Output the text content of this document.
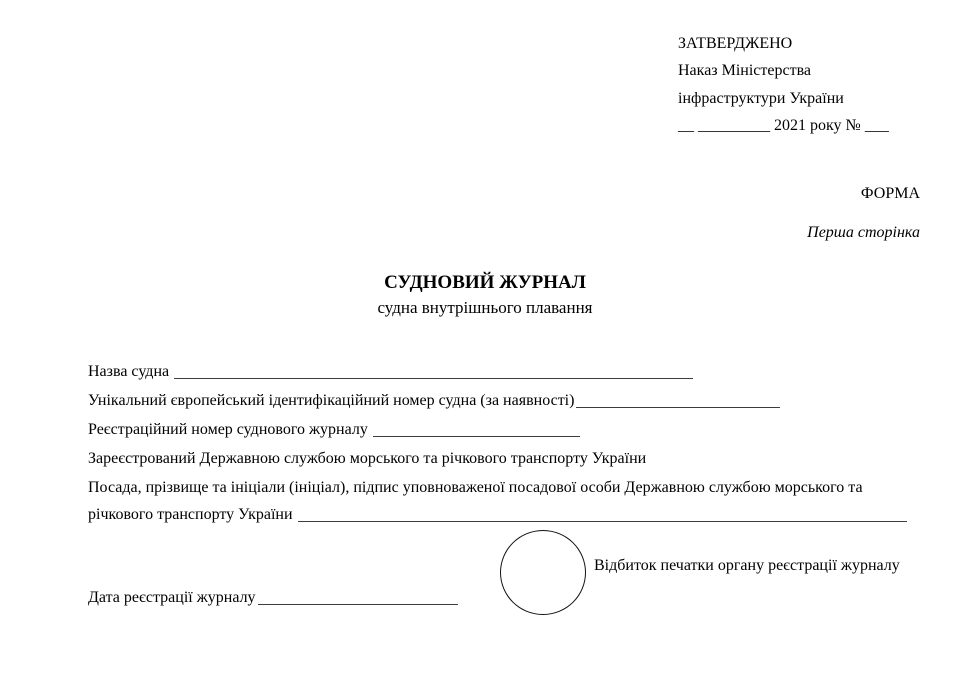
ЗАТВЕРДЖЕНО
Наказ Міністерства
інфраструктури України
__ _________ 2021 року № ___
ФОРМА
Перша сторінка
СУДНОВИЙ ЖУРНАЛ
судна внутрішнього плавання
Назва судна
Унікальний європейський ідентифікаційний номер судна (за наявності)
Реєстраційний номер суднового журналу
Зареєстрований Державною службою морського та річкового транспорту України
Посада, прізвище та ініціали (ініціал), підпис уповноваженої посадової особи Державною службою морського та
річкового транспорту України
Відбиток печатки органу реєстрації журналу
Дата реєстрації журналу
